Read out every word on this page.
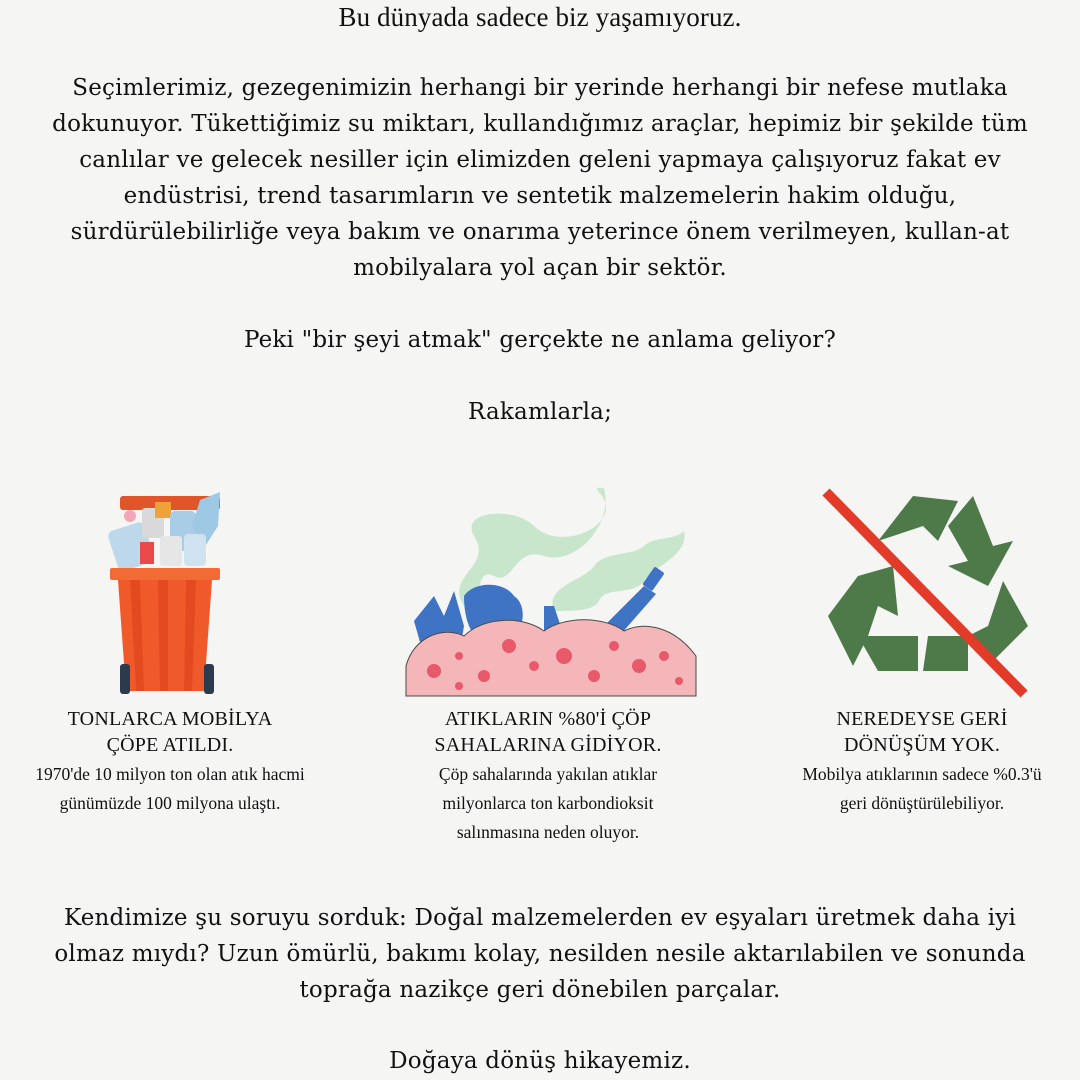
Bu dünyada sadece biz yaşamıyoruz.
Seçimlerimiz, gezegenimizin herhangi bir yerinde herhangi bir nefese mutlaka
dokunuyor. Tükettiğimiz su miktarı, kullandığımız araçlar, hepimiz bir şekilde tüm
canlılar ve gelecek nesiller için elimizden geleni yapmaya çalışıyoruz fakat ev
endüstrisi, trend tasarımların ve sentetik malzemelerin hakim olduğu,
sürdürülebilirliğe veya bakım ve onarıma yeterince önem verilmeyen, kullan-at
mobilyalara yol açan bir sektör.
Peki "bir şeyi atmak" gerçekte ne anlama geliyor?
Rakamlarla;
TONLARCA MOBİLYA
ÇÖPE ATILDI.
1970'de 10 milyon ton olan atık hacmi
günümüzde 100 milyona ulaştı.
ATIKLARIN %80'İ ÇÖP
SAHALARINA GİDİYOR.
Çöp sahalarında yakılan atıklar
milyonlarca ton karbondioksit
salınmasına neden oluyor.
NEREDEYSE GERİ
DÖNÜŞÜM YOK.
Mobilya atıklarının sadece %0.3'ü
geri dönüştürülebiliyor.
Kendimize şu soruyu sorduk: Doğal malzemelerden ev eşyaları üretmek daha iyi
olmaz mıydı? Uzun ömürlü, bakımı kolay, nesilden nesile aktarılabilen ve sonunda
toprağa nazikçe geri dönebilen parçalar.
Doğaya dönüş hikayemiz.
